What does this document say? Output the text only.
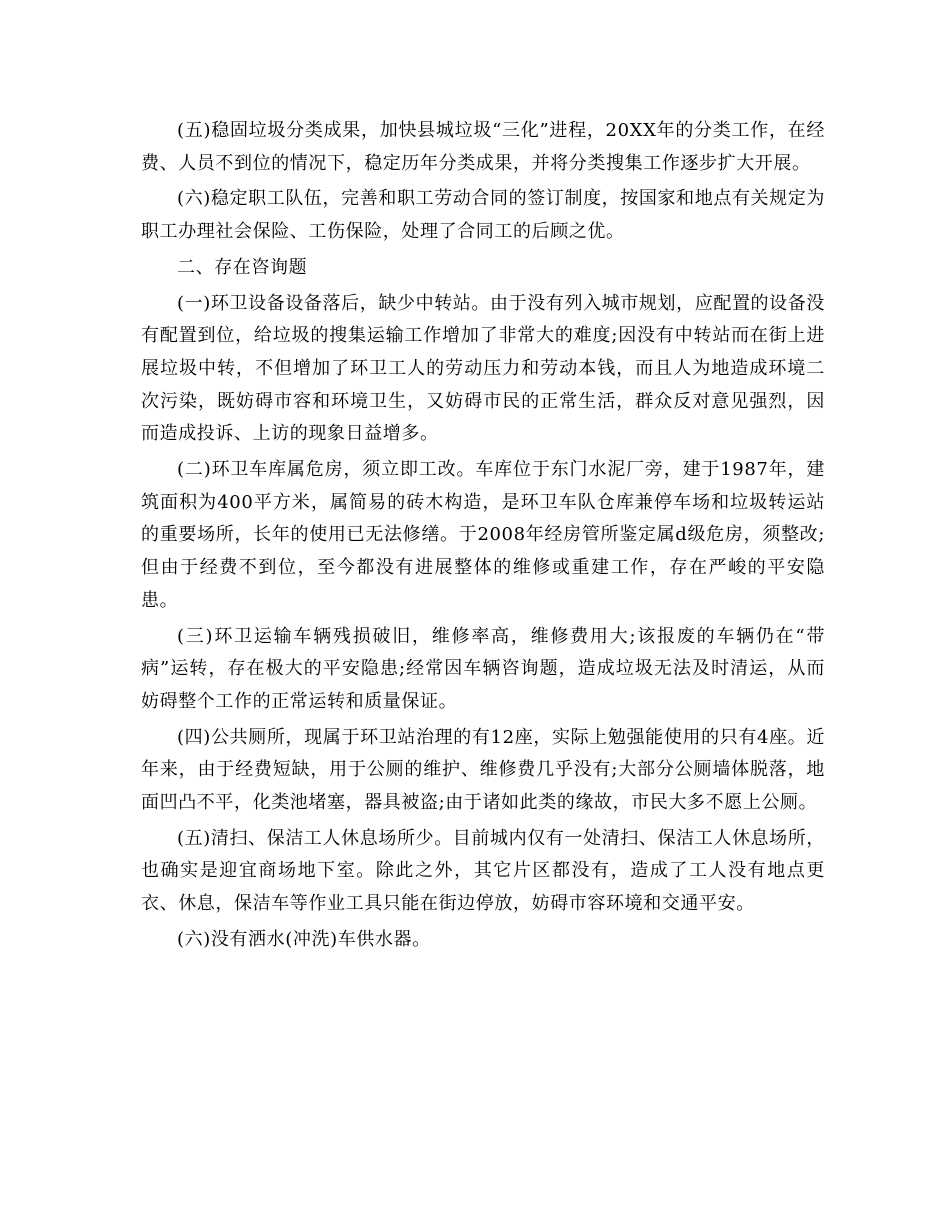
(五)稳固垃圾分类成果，加快县城垃圾“三化”进程，20XX年的分类工作，在经费、人员不到位的情况下，稳定历年分类成果，并将分类搜集工作逐步扩大开展。

(六)稳定职工队伍，完善和职工劳动合同的签订制度，按国家和地点有关规定为职工办理社会保险、工伤保险，处理了合同工的后顾之优。

二、存在咨询题

(一)环卫设备设备落后，缺少中转站。由于没有列入城市规划，应配置的设备没有配置到位，给垃圾的搜集运输工作增加了非常大的难度;因没有中转站而在街上进展垃圾中转，不但增加了环卫工人的劳动压力和劳动本钱，而且人为地造成环境二次污染，既妨碍市容和环境卫生，又妨碍市民的正常生活，群众反对意见强烈，因而造成投诉、上访的现象日益增多。

(二)环卫车库属危房，须立即工改。车库位于东门水泥厂旁，建于1987年，建筑面积为400平方米，属简易的砖木构造，是环卫车队仓库兼停车场和垃圾转运站的重要场所，长年的使用已无法修缮。于2008年经房管所鉴定属d级危房，须整改;但由于经费不到位，至今都没有进展整体的维修或重建工作，存在严峻的平安隐患。

(三)环卫运输车辆残损破旧，维修率高，维修费用大;该报废的车辆仍在“带病”运转，存在极大的平安隐患;经常因车辆咨询题，造成垃圾无法及时清运，从而妨碍整个工作的正常运转和质量保证。

(四)公共厕所，现属于环卫站治理的有12座，实际上勉强能使用的只有4座。近年来，由于经费短缺，用于公厕的维护、维修费几乎没有;大部分公厕墙体脱落，地面凹凸不平，化类池堵塞，器具被盗;由于诸如此类的缘故，市民大多不愿上公厕。

(五)清扫、保洁工人休息场所少。目前城内仅有一处清扫、保洁工人休息场所，也确实是迎宜商场地下室。除此之外，其它片区都没有，造成了工人没有地点更衣、休息，保洁车等作业工具只能在街边停放，妨碍市容环境和交通平安。

(六)没有洒水(冲洗)车供水器。
